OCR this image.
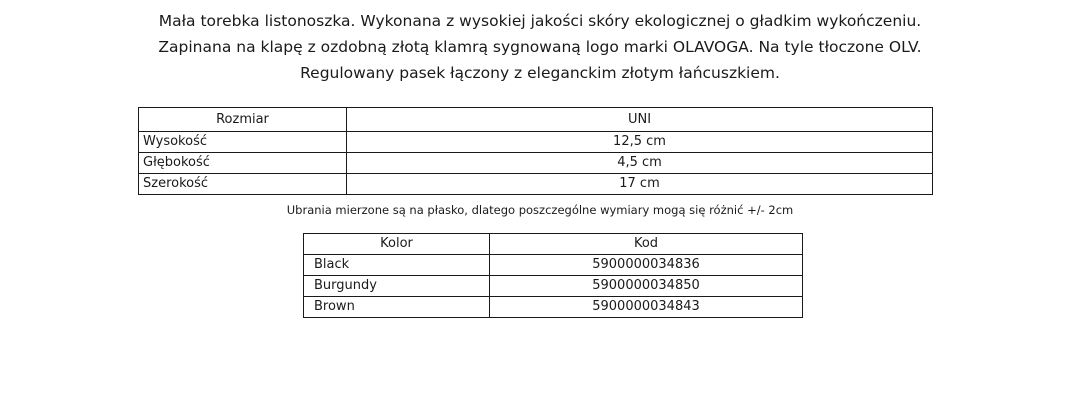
Mała torebka listonoszka. Wykonana z wysokiej jakości skóry ekologicznej o gładkim wykończeniu.

Zapinana na klapę z ozdobną złotą klamrą sygnowaną logo marki OLAVOGA. Na tyle tłoczone OLV.

Regulowany pasek łączony z eleganckim złotym łańcuszkiem.

Rozmiar	UNI
Wysokość	12,5 cm
Głębokość	4,5 cm
Szerokość	17 cm
Ubrania mierzone są na płasko, dlatego poszczególne wymiary mogą się różnić +/- 2cm
Kolor	Kod
Black	5900000034836
Burgundy	5900000034850
Brown	5900000034843
